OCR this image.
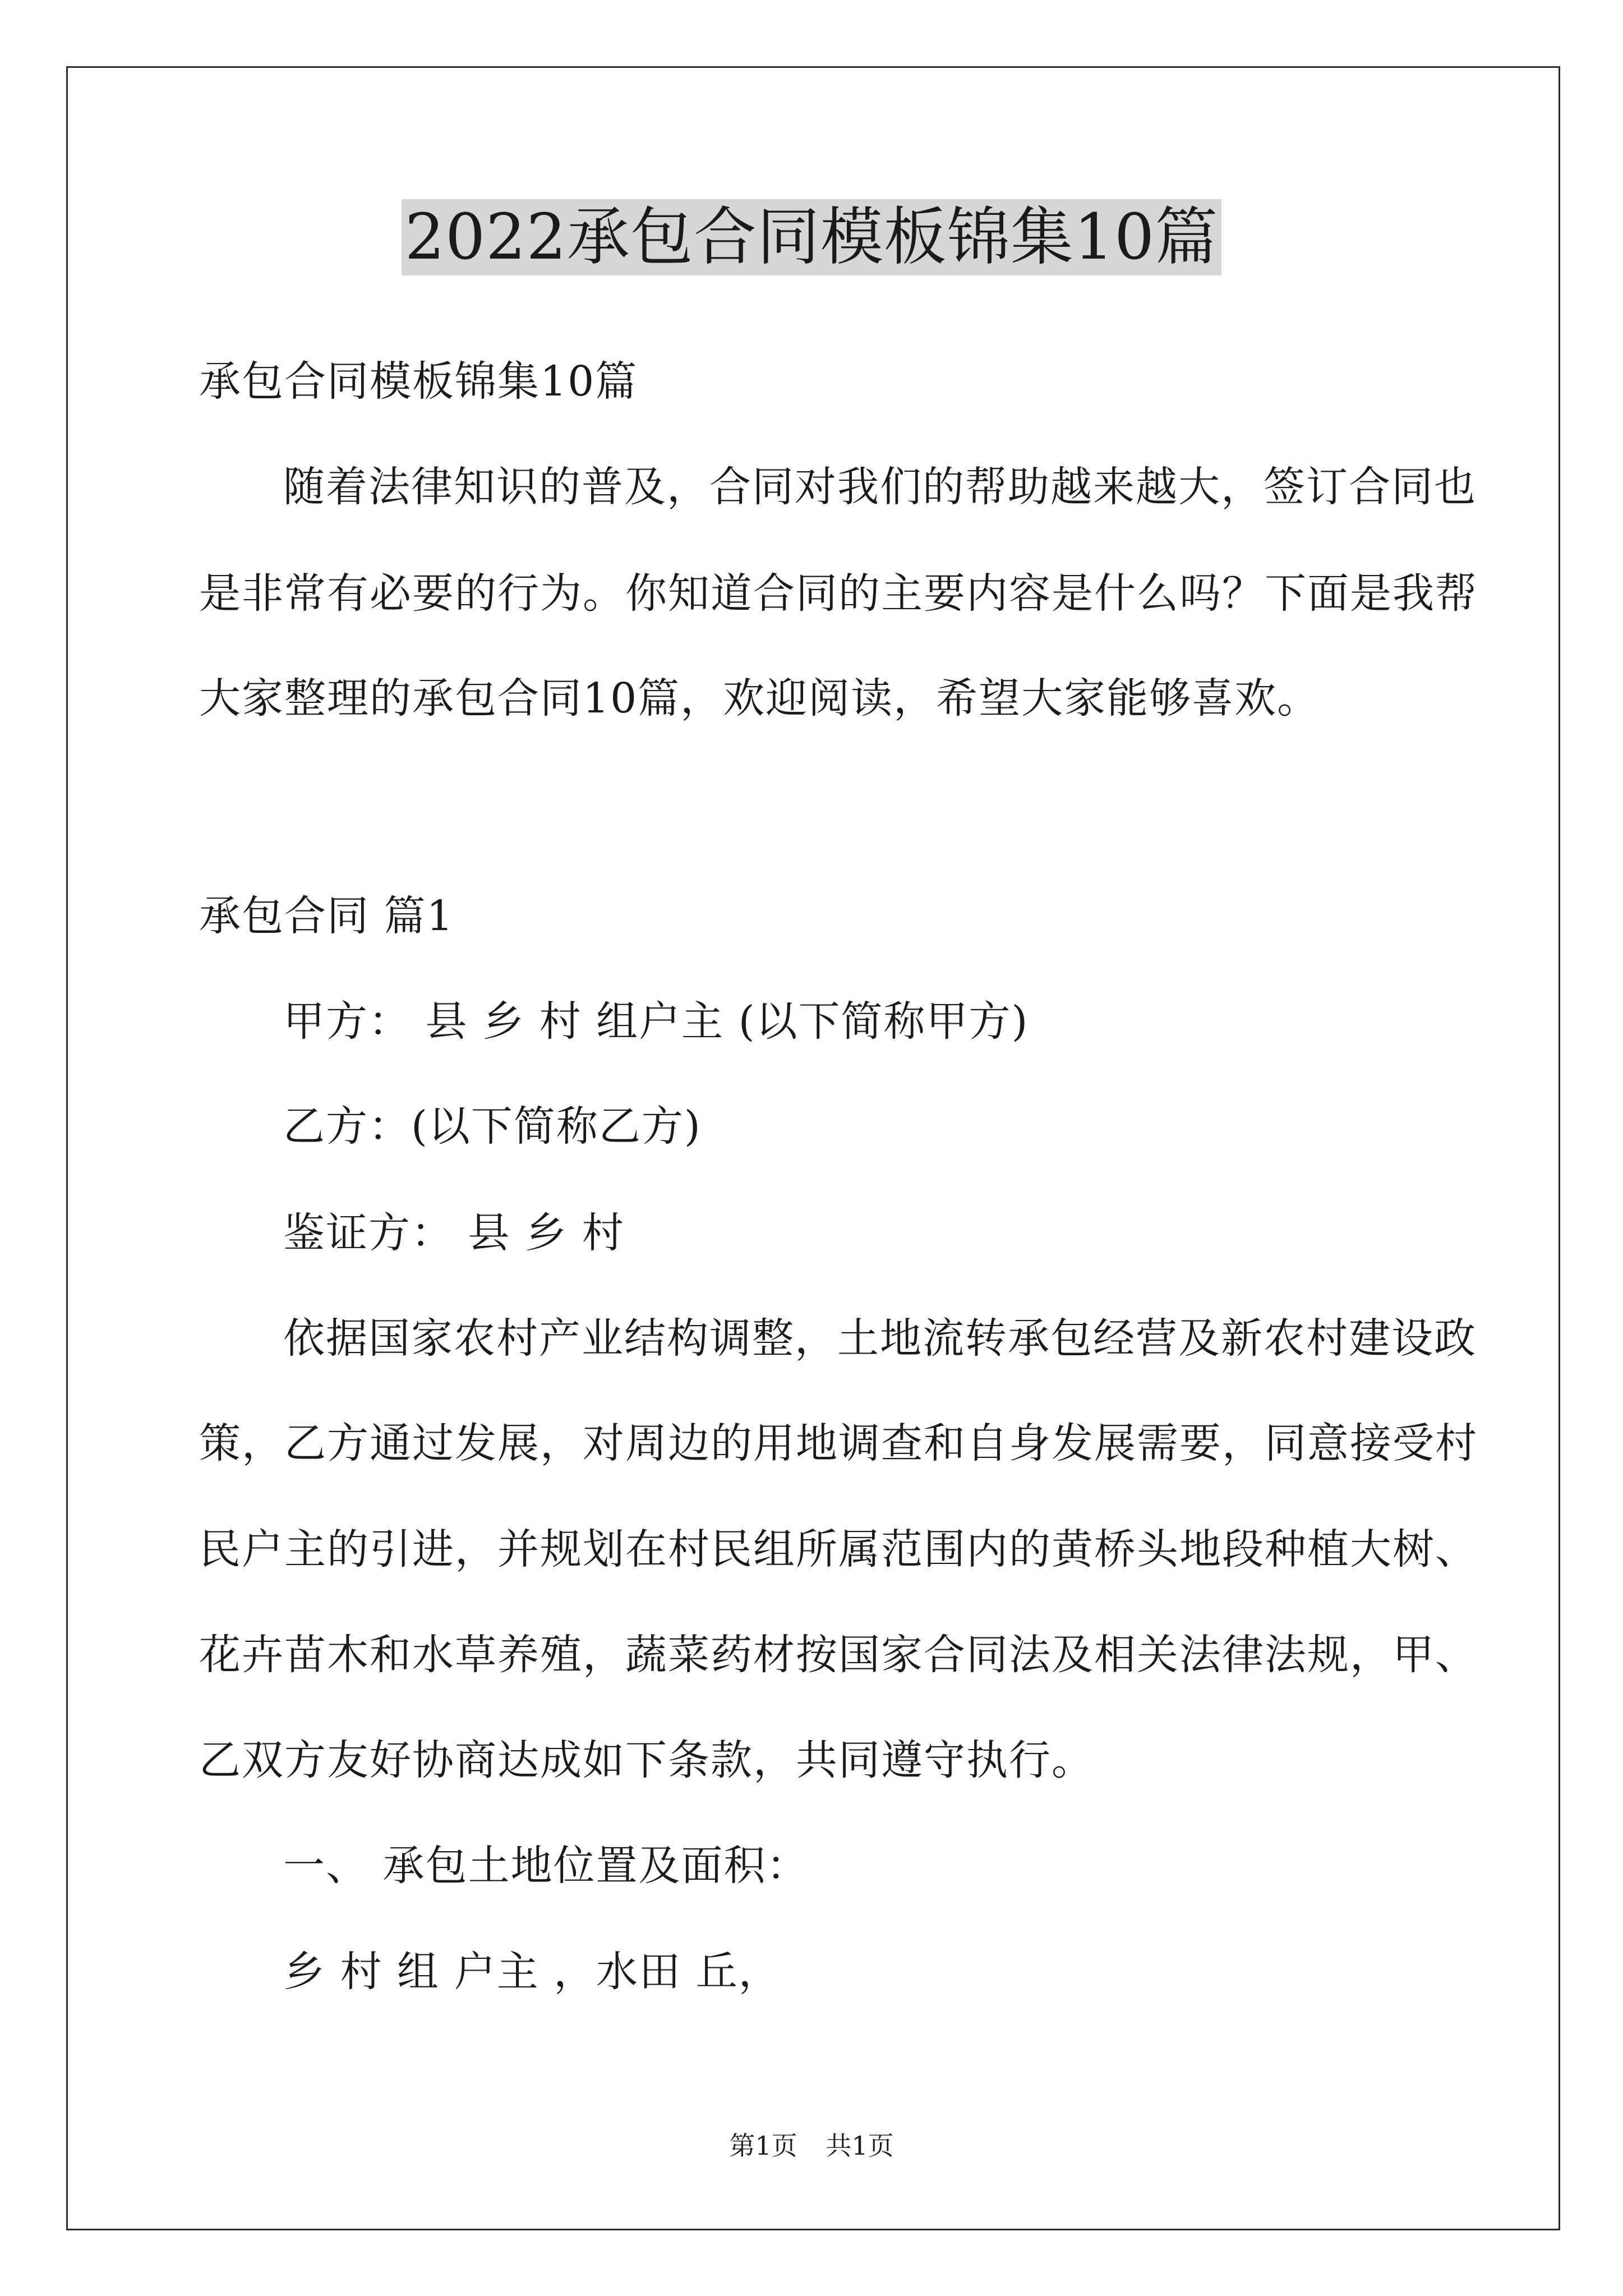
2022承包合同模板锦集10篇
承包合同模板锦集10篇
随着法律知识的普及，合同对我们的帮助越来越大，签订合同也
是非常有必要的行为。你知道合同的主要内容是什么吗？下面是我帮
大家整理的承包合同10篇，欢迎阅读，希望大家能够喜欢。
承包合同 篇1
甲方： 县 乡 村 组户主 (以下简称甲方)
乙方：(以下简称乙方)
鉴证方： 县 乡 村
依据国家农村产业结构调整，土地流转承包经营及新农村建设政
策，乙方通过发展，对周边的用地调查和自身发展需要，同意接受村
民户主的引进，并规划在村民组所属范围内的黄桥头地段种植大树、
花卉苗木和水草养殖，蔬菜药材按国家合同法及相关法律法规，甲、
乙双方友好协商达成如下条款，共同遵守执行。
一、 承包土地位置及面积：
乡 村 组 户主 ，水田 丘，
第1页 共1页
